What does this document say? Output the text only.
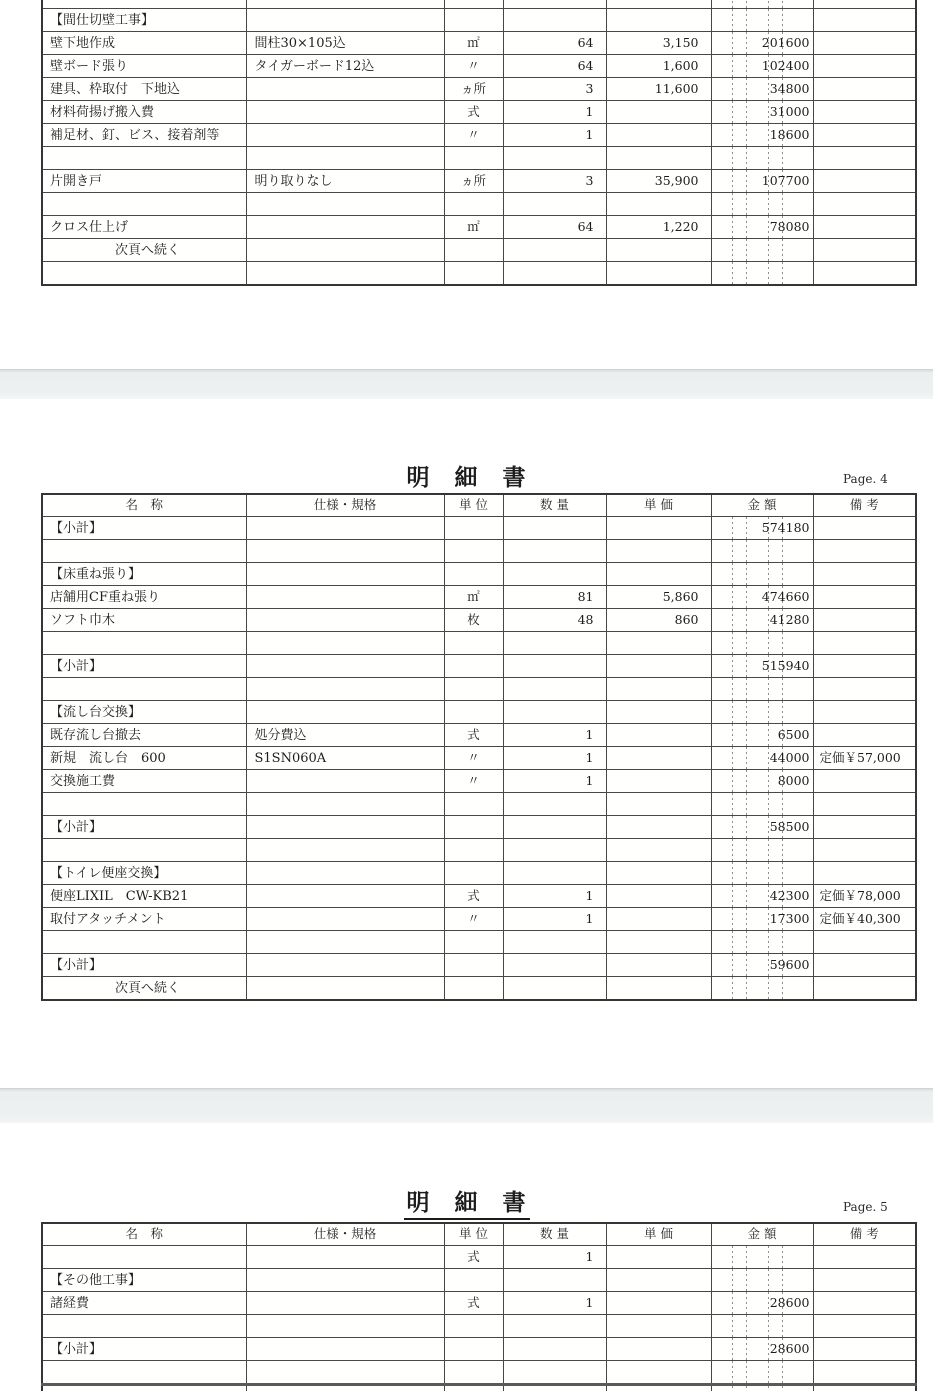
【間仕切壁工事】						
壁下地作成	間柱30×105込	㎡	64	3,150	201600	
壁ボード張り	タイガーボード12込	〃	64	1,600	102400	
建具、枠取付　下地込		ヵ所	3	11,600	34800	
材料荷揚げ搬入費		式	1		31000	
補足材、釘、ビス、接着剤等		〃	1		18600	

片開き戸	明り取りなし	ヵ所	3	35,900	107700	

クロス仕上げ		㎡	64	1,220	78080	
次頁へ続く						

明　細　書	Page. 4
名　称	仕様・規格	単 位	数 量	単 価	金 額	備 考
【小計】					574180	

【床重ね張り】						
店舗用CF重ね張り		㎡	81	5,860	474660	
ソフト巾木		枚	48	860	41280	

【小計】					515940	

【流し台交換】						
既存流し台撤去	処分費込	式	1		6500	
新規　流し台　600	S1SN060A	〃	1		44000	定価￥57,000
交換施工費		〃	1		8000	

【小計】					58500	

【トイレ便座交換】						
便座LIXIL　CW-KB21		式	1		42300	定価￥78,000
取付アタッチメント		〃	1		17300	定価￥40,300

【小計】					59600	
次頁へ続く						
明　細　書	Page. 5
名　称	仕様・規格	単 位	数 量	単 価	金 額	備 考
		式	1			
【その他工事】						
諸経費		式	1		28600	

【小計】					28600	
